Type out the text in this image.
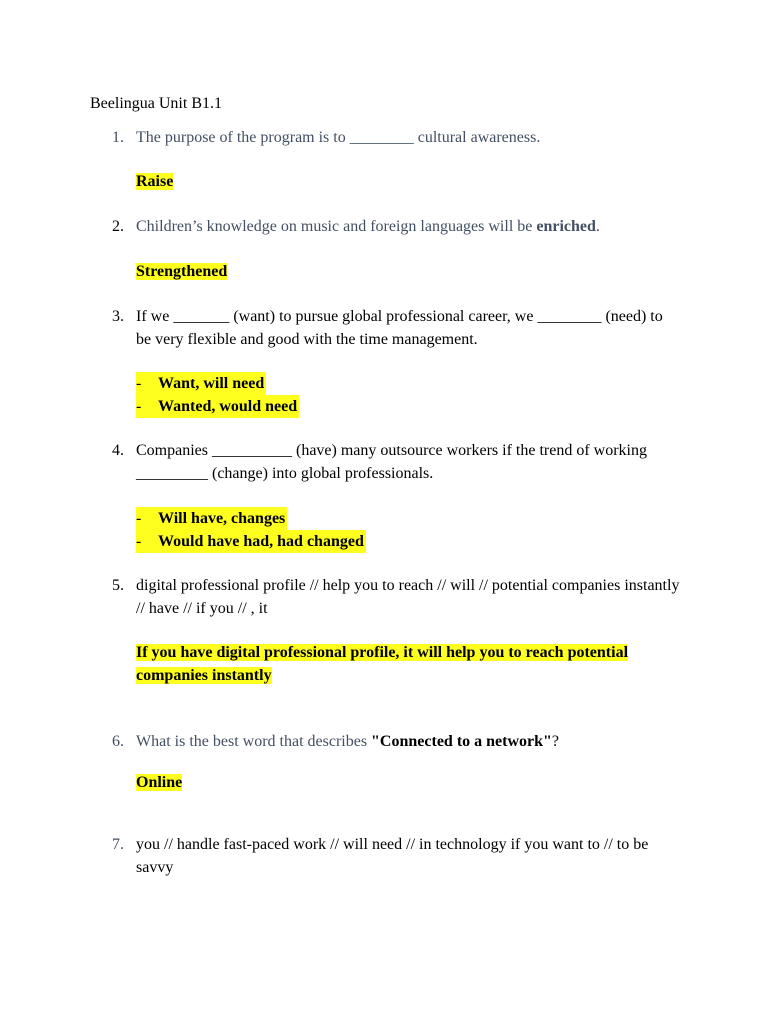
Beelingua Unit B1.1
1. The purpose of the program is to ________ cultural awareness.
Raise
2. Children’s knowledge on music and foreign languages will be enriched.
Strengthened
3. If we _______ (want) to pursue global professional career, we ________ (need) to be very flexible and good with the time management.
- Want, will need
- Wanted, would need
4. Companies __________ (have) many outsource workers if the trend of working _________ (change) into global professionals.
- Will have, changes
- Would have had, had changed
5. digital professional profile // help you to reach // will // potential companies instantly // have // if you // , it
If you have digital professional profile, it will help you to reach potential companies instantly
6. What is the best word that describes "Connected to a network"?
Online
7. you // handle fast-paced work // will need // in technology if you want to // to be savvy
